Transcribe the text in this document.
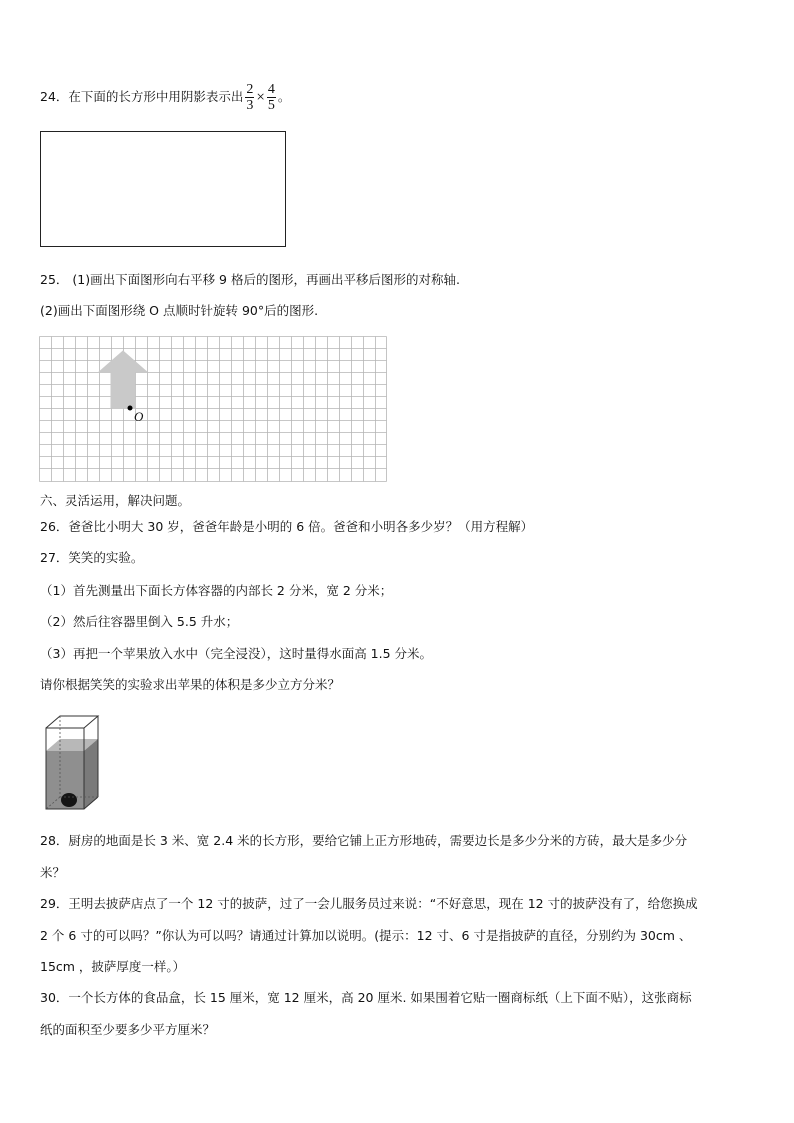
24．在下面的长方形中用阴影表示出 $\frac{2}{3} \times \frac{4}{5}$ 。
25． (1)画出下面图形向右平移 9 格后的图形，再画出平移后图形的对称轴.
(2)画出下面图形绕 O 点顺时针旋转 90°后的图形.
O
六、灵活运用，解决问题。
26．爸爸比小明大 30 岁，爸爸年龄是小明的 6 倍。爸爸和小明各多少岁？（用方程解）
27．笑笑的实验。
（1）首先测量出下面长方体容器的内部长 2 分米，宽 2 分米；
（2）然后往容器里倒入 5.5 升水；
（3）再把一个苹果放入水中（完全浸没），这时量得水面高 1.5 分米。
请你根据笑笑的实验求出苹果的体积是多少立方分米？
28．厨房的地面是长 3 米、宽 2.4 米的长方形，要给它铺上正方形地砖，需要边长是多少分米的方砖，最大是多少分
米？
29．王明去披萨店点了一个 12 寸的披萨，过了一会儿服务员过来说：“不好意思，现在 12 寸的披萨没有了，给您换成
2 个 6 寸的可以吗？”你认为可以吗？请通过计算加以说明。(提示：12 寸、6 寸是指披萨的直径，分别约为 30cm 、
15cm ，披萨厚度一样。）
30．一个长方体的食品盒，长 15 厘米，宽 12 厘米，高 20 厘米. 如果围着它贴一圈商标纸（上下面不贴），这张商标
纸的面积至少要多少平方厘米？
